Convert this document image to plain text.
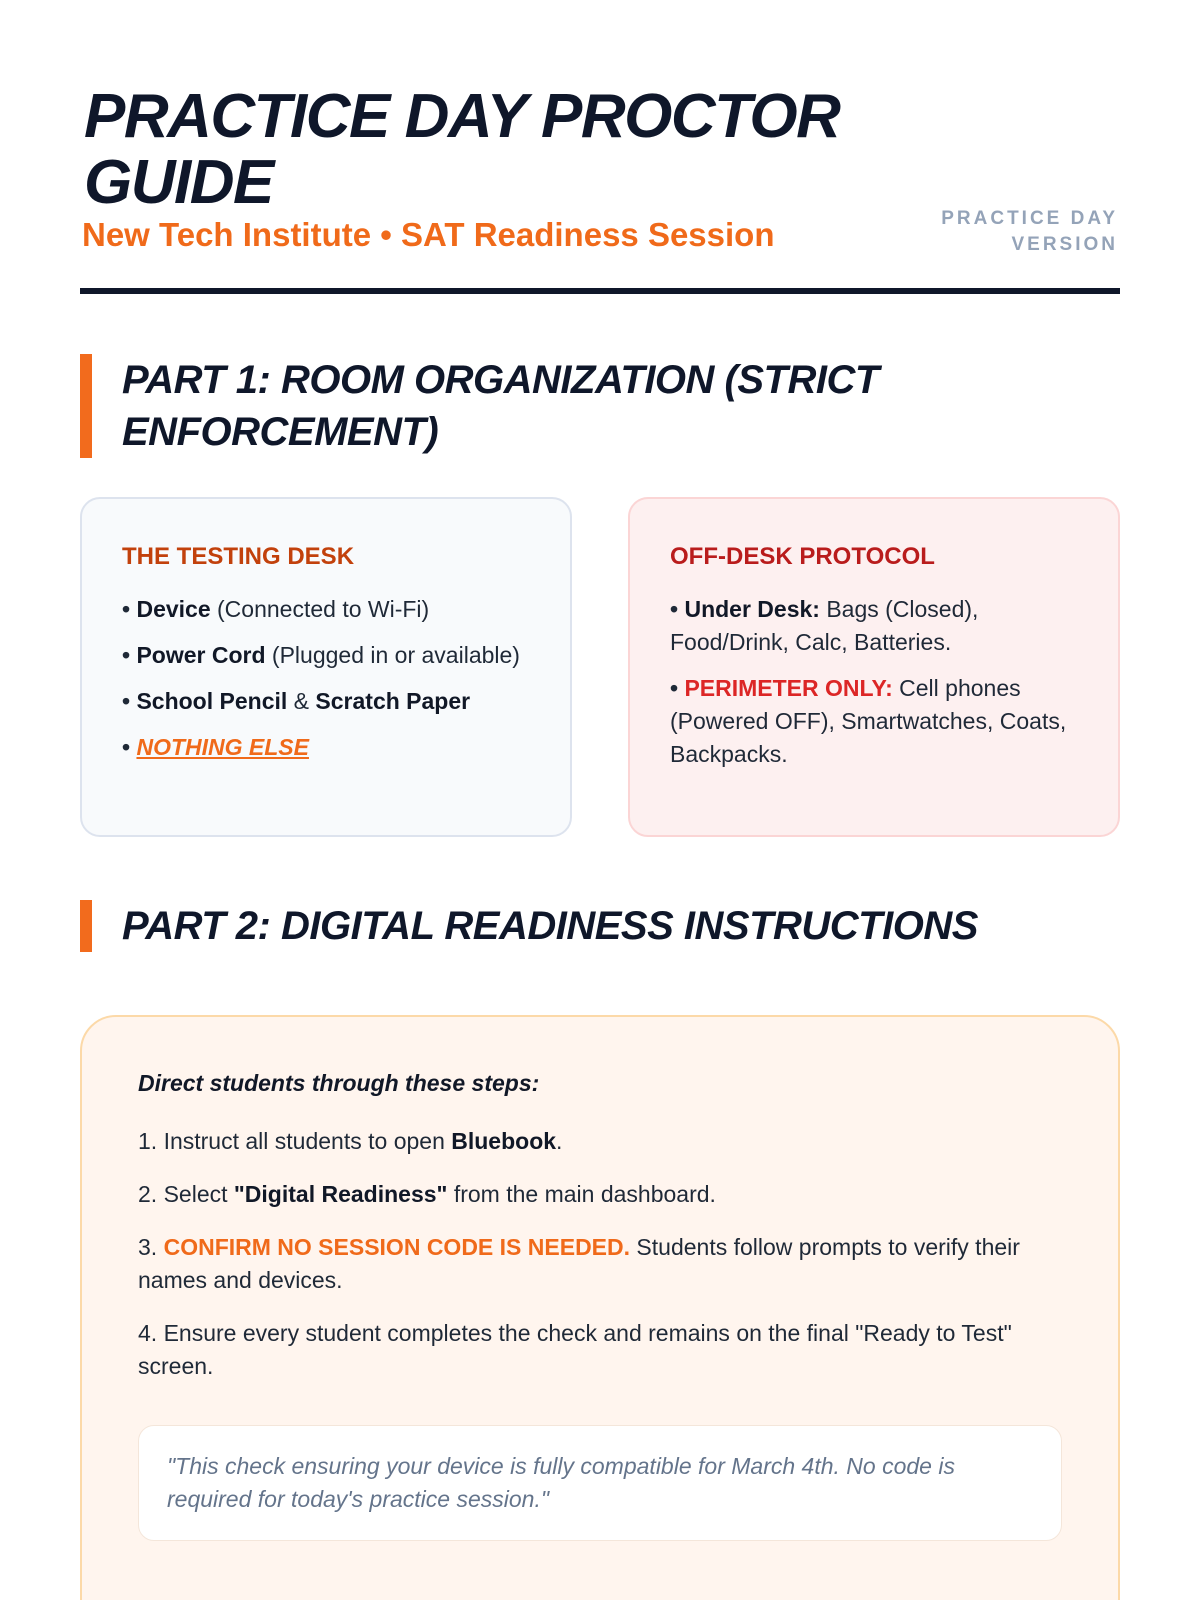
PRACTICE DAY PROCTOR GUIDE

New Tech Institute • SAT Readiness Session	PRACTICE DAY VERSION
PART 1: ROOM ORGANIZATION (STRICT ENFORCEMENT)
THE TESTING DESK
• Device (Connected to Wi-Fi)
• Power Cord (Plugged in or available)
• School Pencil & Scratch Paper
• NOTHING ELSE
OFF-DESK PROTOCOL
• Under Desk: Bags (Closed), Food/Drink, Calc, Batteries.
• PERIMETER ONLY: Cell phones (Powered OFF), Smartwatches, Coats, Backpacks.
PART 2: DIGITAL READINESS INSTRUCTIONS

Direct students through these steps:

1. Instruct all students to open Bluebook.

2. Select "Digital Readiness" from the main dashboard.

3. CONFIRM NO SESSION CODE IS NEEDED. Students follow prompts to verify their names and devices.

4. Ensure every student completes the check and remains on the final "Ready to Test" screen.

"This check ensuring your device is fully compatible for March 4th. No code is required for today's practice session."
